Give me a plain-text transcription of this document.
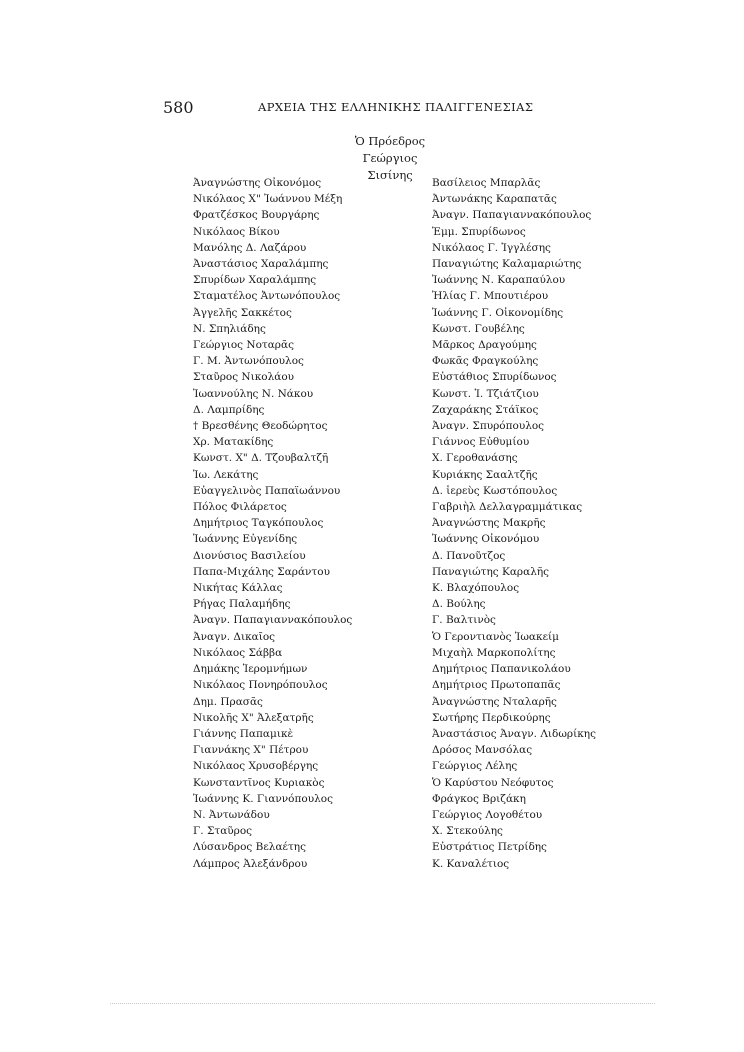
580	ΑΡΧΕΙΑ ΤΗΣ ΕΛΛΗΝΙΚΗΣ ΠΑΛΙΓΓΕΝΕΣΙΑΣ
Ὁ Πρόεδρος
Γεώργιος Σισίνης
Ἀναγνώστης Οἰκονόμος
Νικόλαος Χ" Ἰωάννου Μέξη
Φρατζέσκος Βουργάρης
Νικόλαος Βίκου
Μανόλης Δ. Λαζάρου
Ἀναστάσιος Χαραλάμπης
Σπυρίδων Χαραλάμπης
Σταματέλος Ἀντωνόπουλος
Ἀγγελῆς Σακκέτος
Ν. Σπηλιάδης
Γεώργιος Νοταρᾶς
Γ. Μ. Ἀντωνόπουλος
Σταῦρος Νικολάου
Ἰωαννούλης Ν. Νάκου
Δ. Λαμπρίδης
† Βρεσθένης Θεοδώρητος
Χρ. Ματακίδης
Κωνστ. Χ" Δ. Τζουβαλτζῆ
Ἰω. Λεκάτης
Εὐαγγελινὸς Παπαϊωάννου
Πόλος Φιλάρετος
Δημήτριος Ταγκόπουλος
Ἰωάννης Εὐγενίδης
Διονύσιος Βασιλείου
Παπα-Μιχάλης Σαράντου
Νικήτας Κάλλας
Ρήγας Παλαμήδης
Ἀναγν. Παπαγιαννακόπουλος
Ἀναγν. Δικαῖος
Νικόλαος Σάββα
Δημάκης Ἱερομνήμων
Νικόλαος Πονηρόπουλος
Δημ. Πρασᾶς
Νικολῆς Χ" Ἀλεξατρῆς
Γιάννης Παπαμικὲ
Γιαννάκης Χ" Πέτρου
Νικόλαος Χρυσοβέργης
Κωνσταντῖνος Κυριακὸς
Ἰωάννης Κ. Γιαννόπουλος
Ν. Ἀντωνάδου
Γ. Σταῦρος
Λύσανδρος Βελαέτης
Λάμπρος Ἀλεξάνδρου
Βασίλειος Μπαρλᾶς
Ἀντωνάκης Καραπατᾶς
Ἀναγν. Παπαγιαννακόπουλος
Ἐμμ. Σπυρίδωνος
Νικόλαος Γ. Ἰγγλέσης
Παναγιώτης Καλαμαριώτης
Ἰωάννης Ν. Καραπαύλου
Ἠλίας Γ. Μπουτιέρου
Ἰωάννης Γ. Οἰκονομίδης
Κωνστ. Γουβέλης
Μᾶρκος Δραγούμης
Φωκᾶς Φραγκούλης
Εὐστάθιος Σπυρίδωνος
Κωνστ. Ἰ. Τζιάτζιου
Ζαχαράκης Στάϊκος
Ἀναγν. Σπυρόπουλος
Γιάννος Εὐθυμίου
Χ. Γεροθανάσης
Κυριάκης Σααλτζῆς
Δ. ἱερεὺς Κωστόπουλος
Γαβριὴλ Δελλαγραμμάτικας
Ἀναγνώστης Μακρῆς
Ἰωάννης Οἰκονόμου
Δ. Πανοῦτζος
Παναγιώτης Καραλῆς
Κ. Βλαχόπουλος
Δ. Βούλης
Γ. Βαλτινὸς
Ὁ Γεροντιανὸς Ἰωακείμ
Μιχαὴλ Μαρκοπολίτης
Δημήτριος Παπανικολάου
Δημήτριος Πρωτοπαπᾶς
Ἀναγνώστης Νταλαρῆς
Σωτήρης Περδικούρης
Ἀναστάσιος Ἀναγν. Λιδωρίκης
Δρόσος Μανσόλας
Γεώργιος Λέλης
Ὁ Καρύστου Νεόφυτος
Φράγκος Βριζάκη
Γεώργιος Λογοθέτου
Χ. Στεκούλης
Εὐστράτιος Πετρίδης
Κ. Καναλέτιος
